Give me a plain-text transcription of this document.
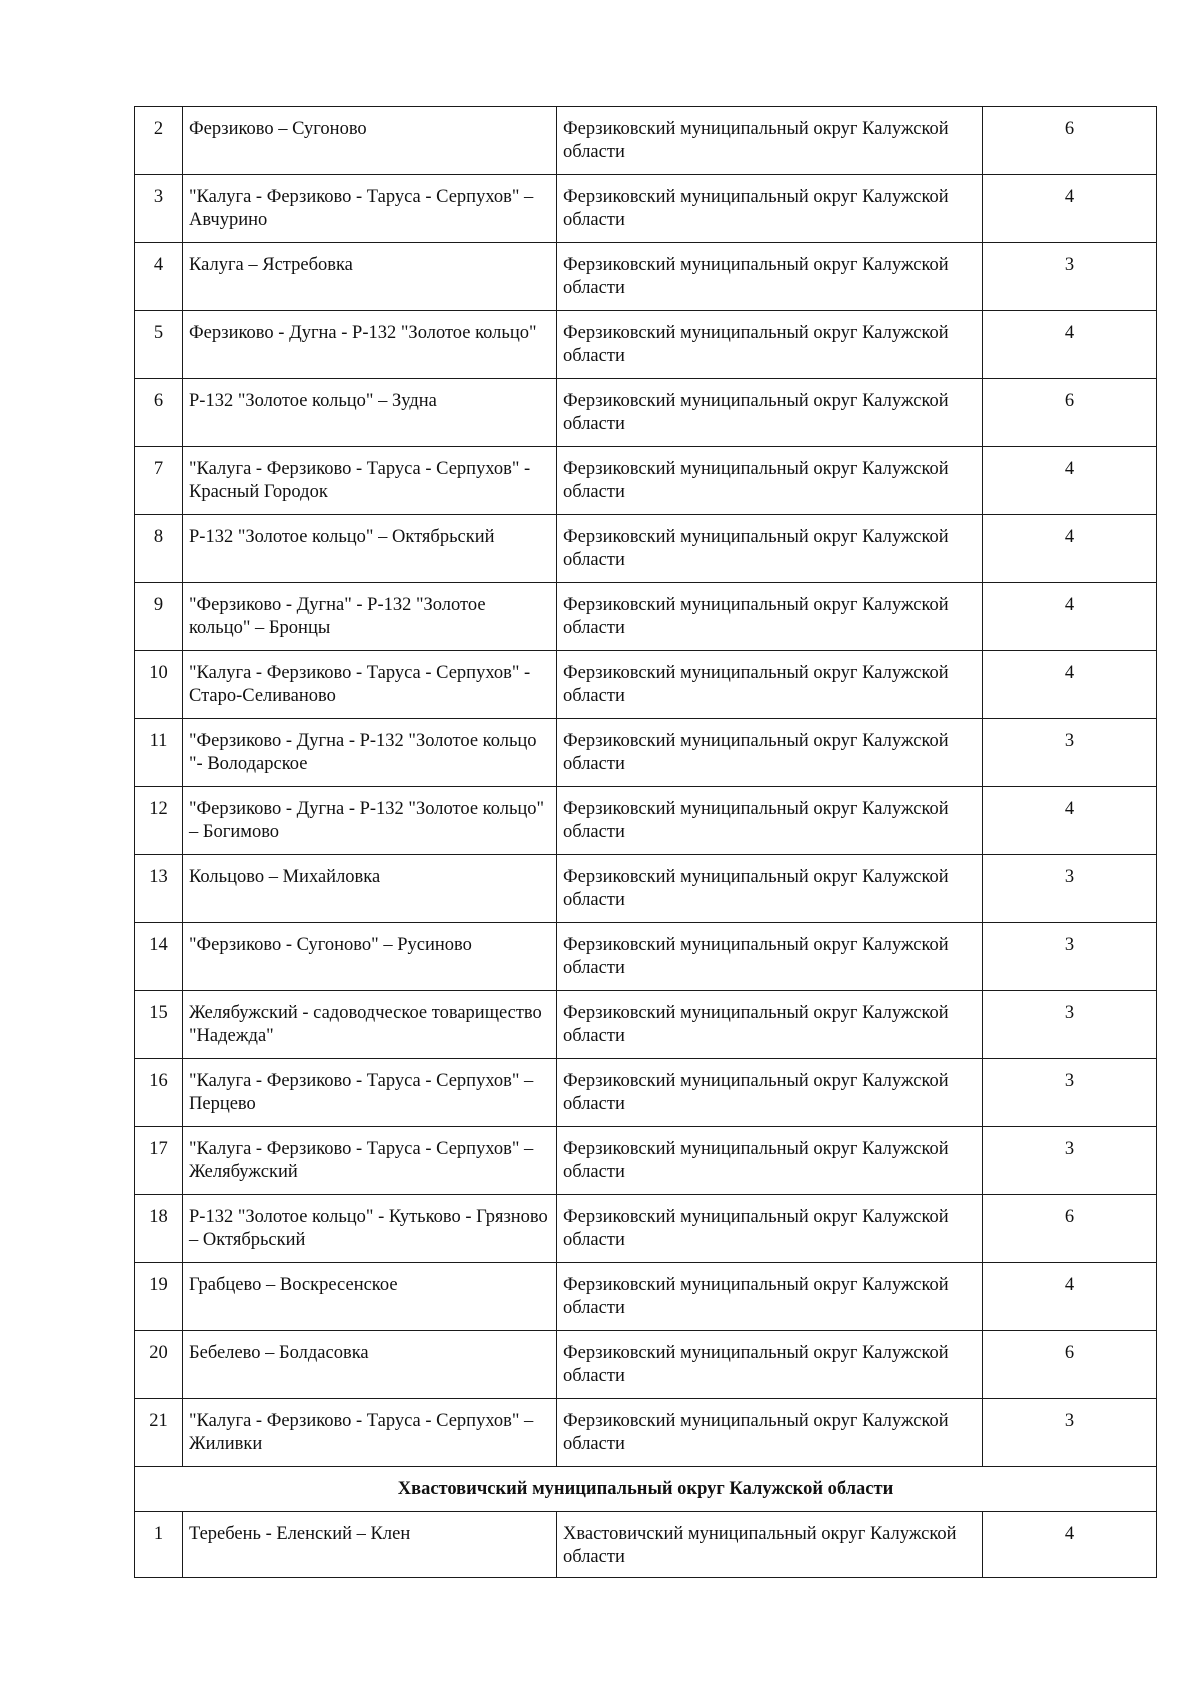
2	Ферзиково – Сугоново	Ферзиковский муниципальный округ Калужской области	6
3	"Калуга - Ферзиково - Таруса - Серпухов" – Авчурино	Ферзиковский муниципальный округ Калужской области	4
4	Калуга – Ястребовка	Ферзиковский муниципальный округ Калужской области	3
5	Ферзиково - Дугна - Р-132 "Золотое кольцо"	Ферзиковский муниципальный округ Калужской области	4
6	Р-132 "Золотое кольцо" – Зудна	Ферзиковский муниципальный округ Калужской области	6
7	"Калуга - Ферзиково - Таруса - Серпухов" - Красный Городок	Ферзиковский муниципальный округ Калужской области	4
8	Р-132 "Золотое кольцо" – Октябрьский	Ферзиковский муниципальный округ Калужской области	4
9	"Ферзиково - Дугна" - Р-132 "Золотое кольцо" – Бронцы	Ферзиковский муниципальный округ Калужской области	4
10	"Калуга - Ферзиково - Таруса - Серпухов" - Старо-Селиваново	Ферзиковский муниципальный округ Калужской области	4
11	"Ферзиково - Дугна - Р-132 "Золотое кольцо "- Володарское	Ферзиковский муниципальный округ Калужской области	3
12	"Ферзиково - Дугна - Р-132 "Золотое кольцо" – Богимово	Ферзиковский муниципальный округ Калужской области	4
13	Кольцово – Михайловка	Ферзиковский муниципальный округ Калужской области	3
14	"Ферзиково - Сугоново" – Русиново	Ферзиковский муниципальный округ Калужской области	3
15	Желябужский - садоводческое товарищество "Надежда"	Ферзиковский муниципальный округ Калужской области	3
16	"Калуга - Ферзиково - Таруса - Серпухов" – Перцево	Ферзиковский муниципальный округ Калужской области	3
17	"Калуга - Ферзиково - Таруса - Серпухов" – Желябужский	Ферзиковский муниципальный округ Калужской области	3
18	Р-132 "Золотое кольцо" - Кутьково - Грязново – Октябрьский	Ферзиковский муниципальный округ Калужской области	6
19	Грабцево – Воскресенское	Ферзиковский муниципальный округ Калужской области	4
20	Бебелево – Болдасовка	Ферзиковский муниципальный округ Калужской области	6
21	"Калуга - Ферзиково - Таруса - Серпухов" – Жиливки	Ферзиковский муниципальный округ Калужской области	3
Хвастовичский муниципальный округ Калужской области			
1	Теребень - Еленский – Клен	Хвастовичский муниципальный округ Калужской области	4
